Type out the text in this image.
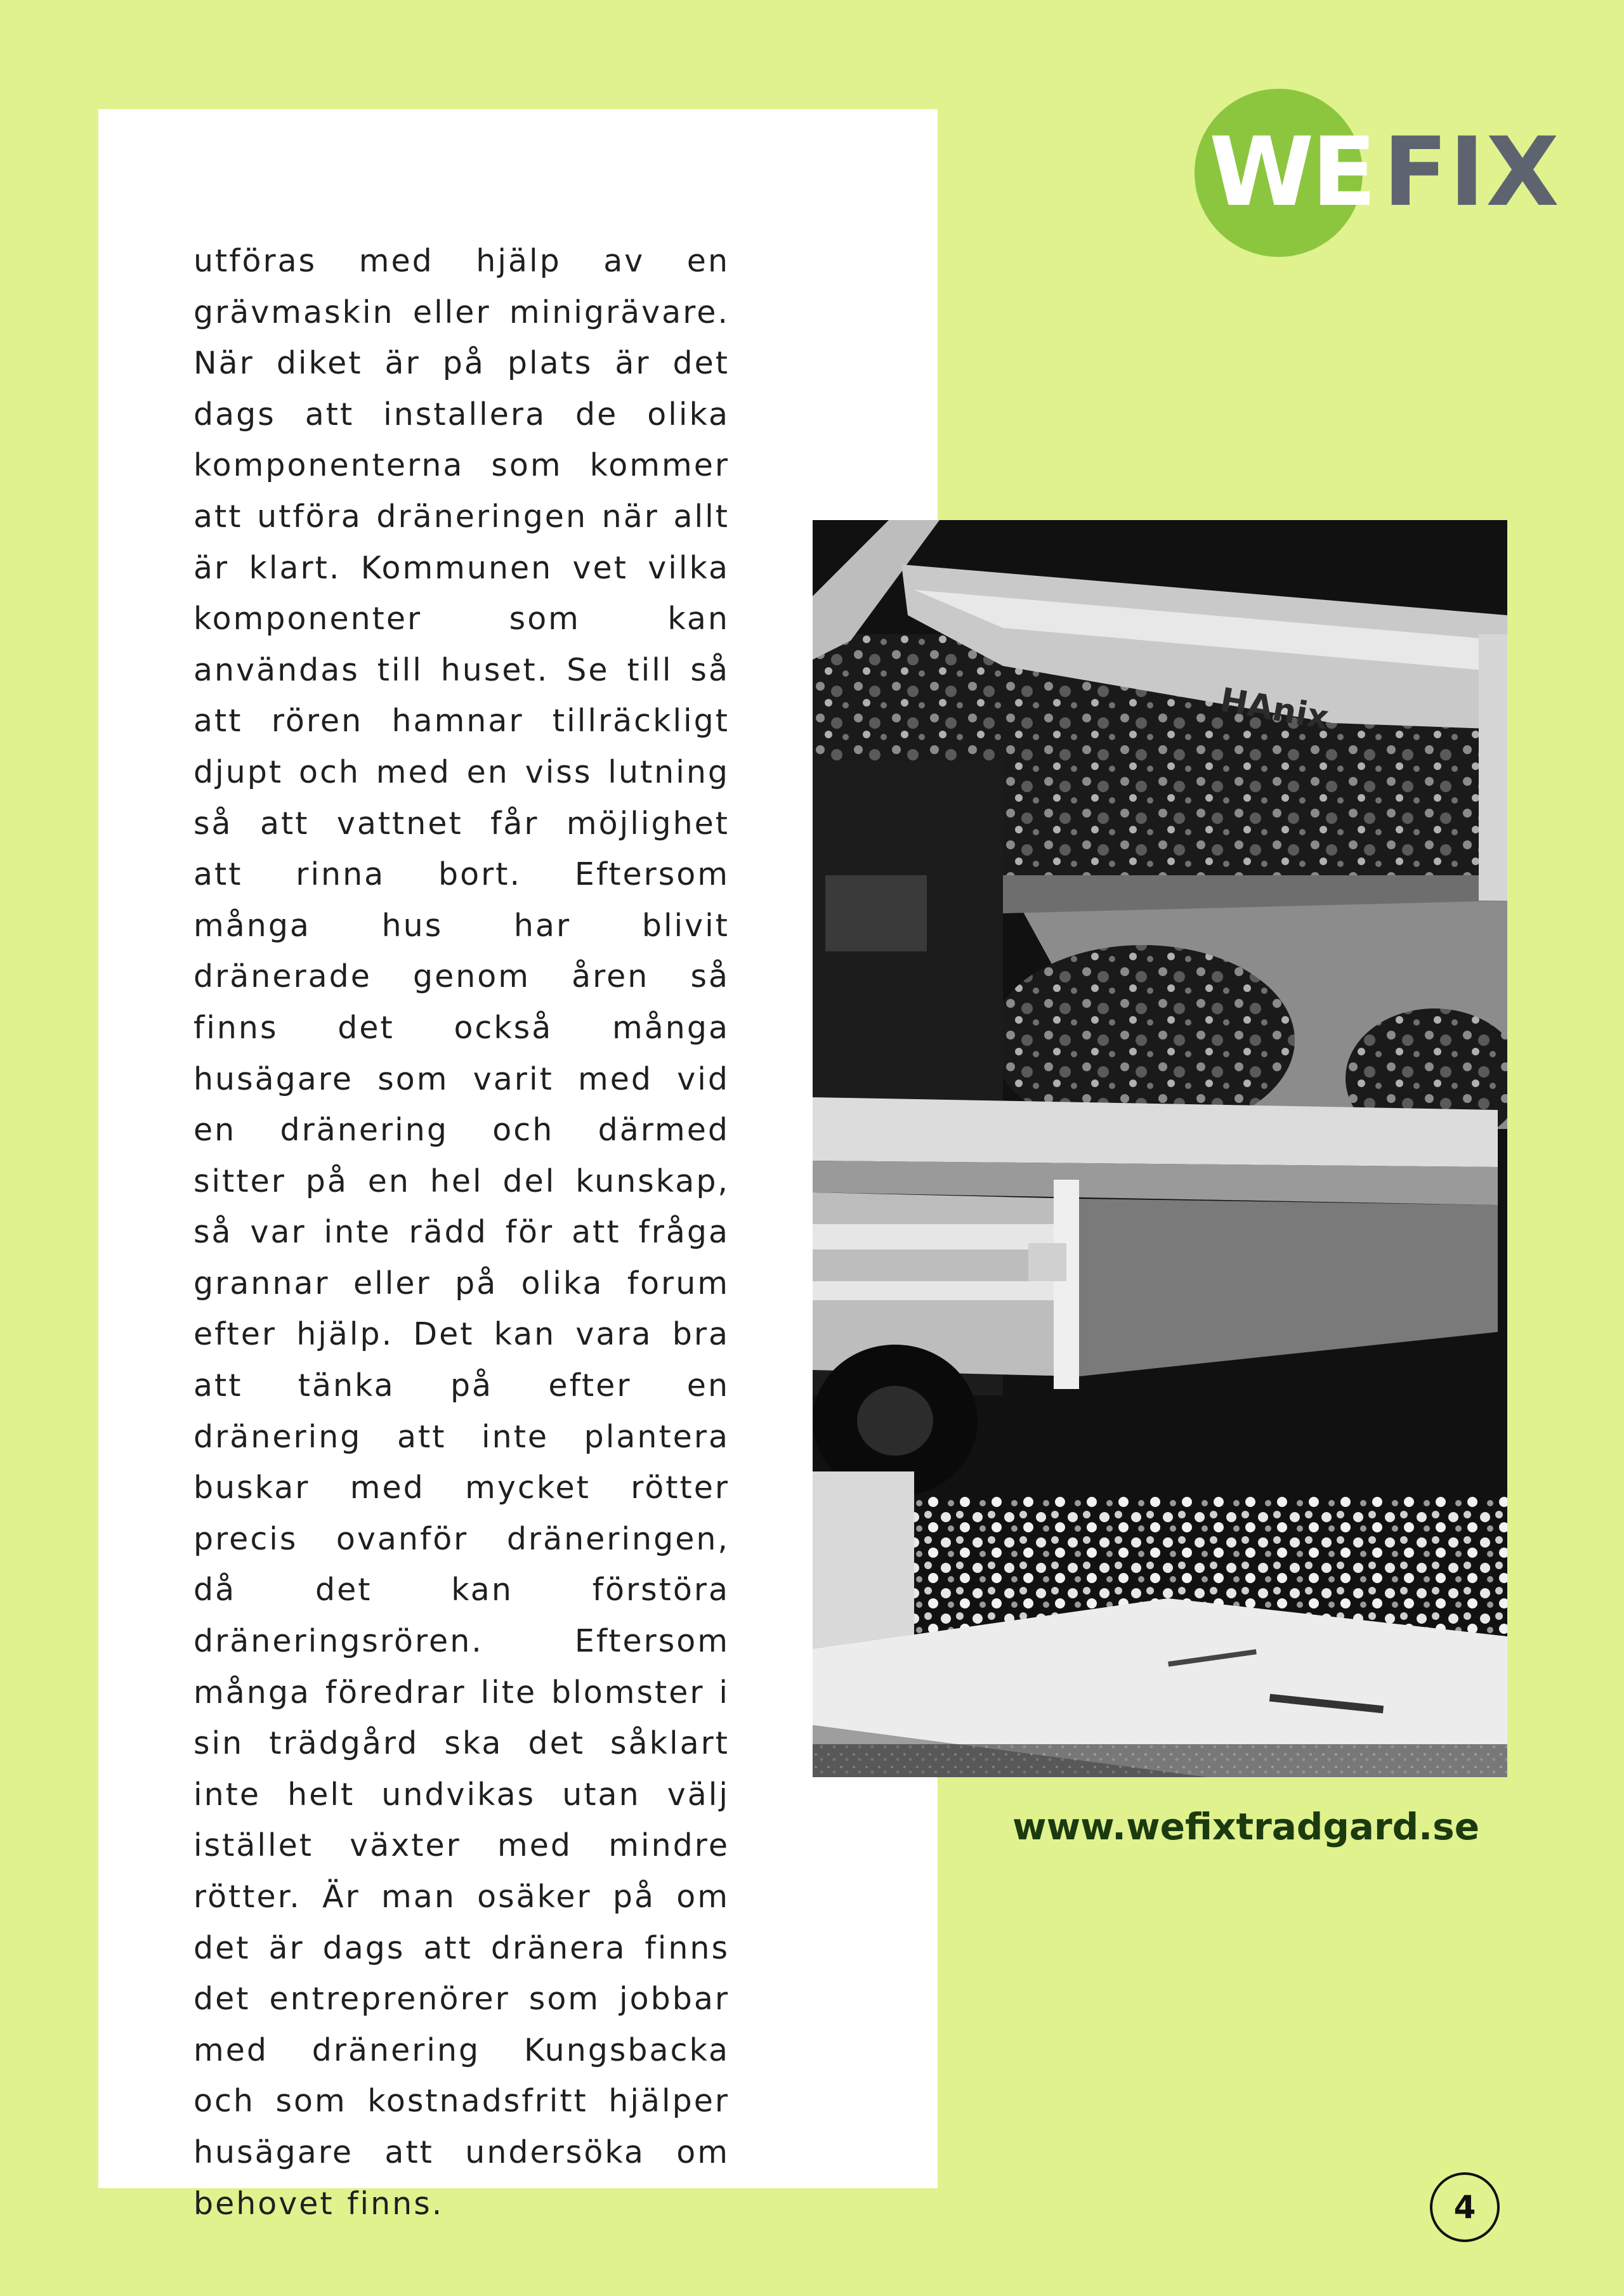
utföras med hjälp av en grävmaskin eller minigrävare. När diket är på plats är det dags att installera de olika komponenterna som kommer att utföra dräneringen när allt är klart. Kommunen vet vilka komponenter som kan användas till huset. Se till så att rören hamnar tillräckligt djupt och med en viss lutning så att vattnet får möjlighet att rinna bort. Eftersom många hus har blivit dränerade genom åren så finns det också många husägare som varit med vid en dränering och därmed sitter på en hel del kunskap, så var inte rädd för att fråga grannar eller på olika forum efter hjälp. Det kan vara bra att tänka på efter en dränering att inte plantera buskar med mycket rötter precis ovanför dräneringen, då det kan förstöra dräneringsrören. Eftersom många föredrar lite blomster i sin trädgård ska det såklart inte helt undvikas utan välj istället växter med mindre rötter. Är man osäker på om det är dags att dränera finns det entreprenörer som jobbar med dränering Kungsbacka och som kostnadsfritt hjälper husägare att undersöka om behovet finns.

WE FIX
HAnix
www.wefixtradgard.se
4
